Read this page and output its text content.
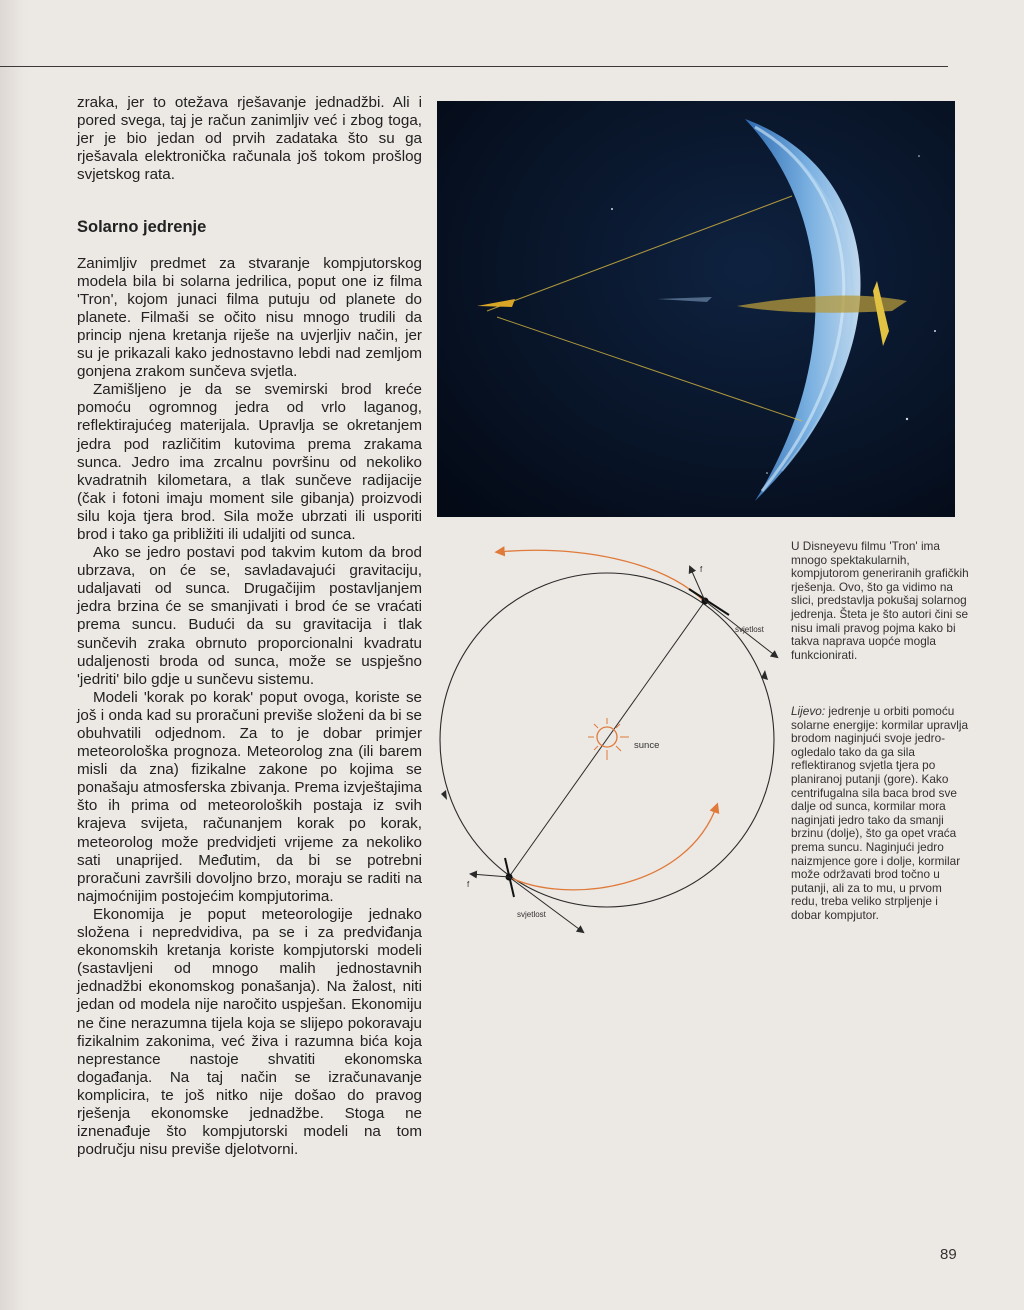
zraka, jer to otežava rješavanje jednadžbi. Ali i pored svega, taj je račun zanimljiv već i zbog toga, jer je bio jedan od prvih zadataka što su ga rješavala elektronička računala još tokom prošlog svjetskog rata.

Solarno jedrenje

Zanimljiv predmet za stvaranje kompjutorskog modela bila bi solarna jedrilica, poput one iz filma 'Tron', kojom junaci filma putuju od planete do planete. Filmaši se očito nisu mnogo trudili da princip njena kretanja riješe na uvjerljiv način, jer su je prikazali kako jednostavno lebdi nad zemljom gonjena zrakom sunčeva svjetla.

Zamišljeno je da se svemirski brod kreće pomoću ogromnog jedra od vrlo laganog, reflektirajućeg materijala. Upravlja se okretanjem jedra pod različitim kutovima prema zrakama sunca. Jedro ima zrcalnu površinu od nekoliko kvadratnih kilometara, a tlak sunčeve radijacije (čak i fotoni imaju moment sile gibanja) proizvodi silu koja tjera brod. Sila može ubrzati ili usporiti brod i tako ga približiti ili udaljiti od sunca.

Ako se jedro postavi pod takvim kutom da brod ubrzava, on će se, savladavajući gravitaciju, udaljavati od sunca. Drugačijim postavljanjem jedra brzina će se smanjivati i brod će se vraćati prema suncu. Budući da su gravitacija i tlak sunčevih zraka obrnuto proporcionalni kvadratu udaljenosti broda od sunca, može se uspješno 'jedriti' bilo gdje u sunčevu sistemu.

Modeli 'korak po korak' poput ovoga, koriste se još i onda kad su proračuni previše složeni da bi se obuhvatili odjednom. Za to je dobar primjer meteorološka prognoza. Meteorolog zna (ili barem misli da zna) fizikalne zakone po kojima se ponašaju atmosferska zbivanja. Prema izvještajima što ih prima od meteoroloških postaja iz svih krajeva svijeta, računanjem korak po korak, meteorolog može predvidjeti vrijeme za nekoliko sati unaprijed. Međutim, da bi se potrebni proračuni završili dovoljno brzo, moraju se raditi na najmoćnijim postojećim kompjutorima.

Ekonomija je poput meteorologije jednako složena i nepredvidiva, pa se i za predviđanja ekonomskih kretanja koriste kompjutorski modeli (sastavljeni od mnogo malih jednostavnih jednadžbi ekonomskog ponašanja). Na žalost, niti jedan od modela nije naročito uspješan. Ekonomiju ne čine nerazumna tijela koja se slijepo pokoravaju fizikalnim zakonima, već živa i razumna bića koja neprestance nastoje shvatiti ekonomska događanja. Na taj način se izračunavanje komplicira, te još nitko nije došao do pravog rješenja ekonomske jednadžbe. Stoga ne iznenađuje što kompjutorski modeli na tom području nisu previše djelotvorni.

U Disneyevu filmu 'Tron' ima mnogo spektakularnih, kompjutorom generiranih grafičkih rješenja. Ovo, što ga vidimo na slici, predstavlja pokušaj solarnog jedrenja. Šteta je što autori čini se nisu imali pravog pojma kako bi takva naprava uopće mogla funkcionirati.
Lijevo: jedrenje u orbiti pomoću solarne energije: kormilar upravlja brodom naginjući svoje jedro-ogledalo tako da ga sila reflektiranog svjetla tjera po planiranoj putanji (gore). Kako centrifugalna sila baca brod sve dalje od sunca, kormilar mora naginjati jedro tako da smanji brzinu (dolje), što ga opet vraća prema suncu. Naginjući jedro naizmjence gore i dolje, kormilar može održavati brod točno u putanji, ali za to mu, u prvom redu, treba veliko strpljenje i dobar kompjutor.
sunce
f
svjetlost
f
svjetlost
89
